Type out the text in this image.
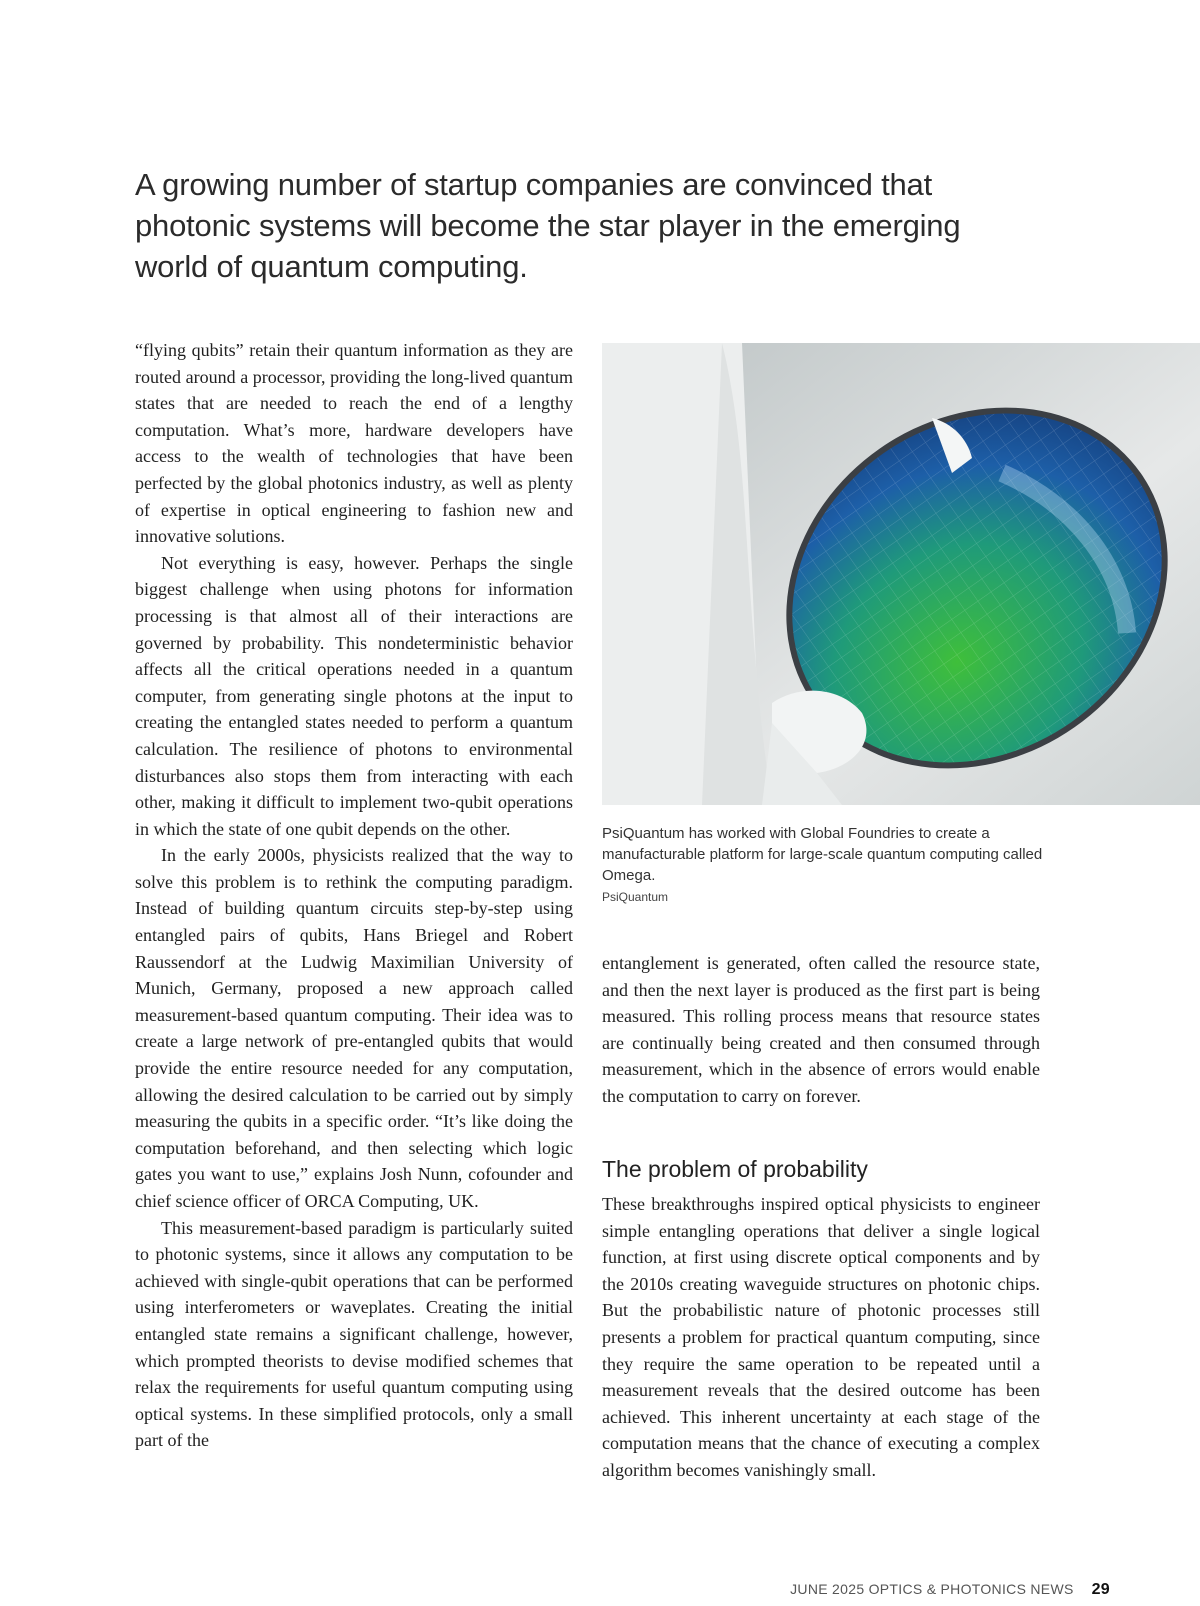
A growing number of startup companies are convinced that photonic systems will become the star player in the emerging world of quantum computing.

“flying qubits” retain their quantum information as they are routed around a processor, providing the long-lived quantum states that are needed to reach the end of a lengthy computation. What’s more, hardware developers have access to the wealth of technologies that have been perfected by the global photonics industry, as well as plenty of expertise in optical engineering to fashion new and innovative solutions.

Not everything is easy, however. Perhaps the single biggest challenge when using photons for information processing is that almost all of their interactions are governed by probability. This nondeterministic behavior affects all the critical operations needed in a quantum computer, from generating single photons at the input to creating the entangled states needed to perform a quantum calculation. The resilience of photons to environmental disturbances also stops them from interacting with each other, making it difficult to implement two-qubit operations in which the state of one qubit depends on the other.

In the early 2000s, physicists realized that the way to solve this problem is to rethink the computing paradigm. Instead of building quantum circuits step-by-step using entangled pairs of qubits, Hans Briegel and Robert Raussendorf at the Ludwig Maximilian University of Munich, Germany, proposed a new approach called measurement-based quantum computing. Their idea was to create a large network of pre-entangled qubits that would provide the entire resource needed for any computation, allowing the desired calculation to be carried out by simply measuring the qubits in a specific order. “It’s like doing the computation beforehand, and then selecting which logic gates you want to use,” explains Josh Nunn, cofounder and chief science officer of ORCA Computing, UK.

This measurement-based paradigm is particularly suited to photonic systems, since it allows any computation to be achieved with single-qubit operations that can be performed using interferometers or waveplates. Creating the initial entangled state remains a significant challenge, however, which prompted theorists to devise modified schemes that relax the requirements for useful quantum computing using optical systems. In these simplified protocols, only a small part of the

PsiQuantum has worked with Global Foundries to create a manufacturable platform for large-scale quantum computing called Omega.
PsiQuantum

entanglement is generated, often called the resource state, and then the next layer is produced as the first part is being measured. This rolling process means that resource states are continually being created and then consumed through measurement, which in the absence of errors would enable the computation to carry on forever.

The problem of probability

These breakthroughs inspired optical physicists to engineer simple entangling operations that deliver a single logical function, at first using discrete optical components and by the 2010s creating waveguide structures on photonic chips. But the probabilistic nature of photonic processes still presents a problem for practical quantum computing, since they require the same operation to be repeated until a measurement reveals that the desired outcome has been achieved. This inherent uncertainty at each stage of the computation means that the chance of executing a complex algorithm becomes vanishingly small.

JUNE 2025 OPTICS & PHOTONICS NEWS 29
